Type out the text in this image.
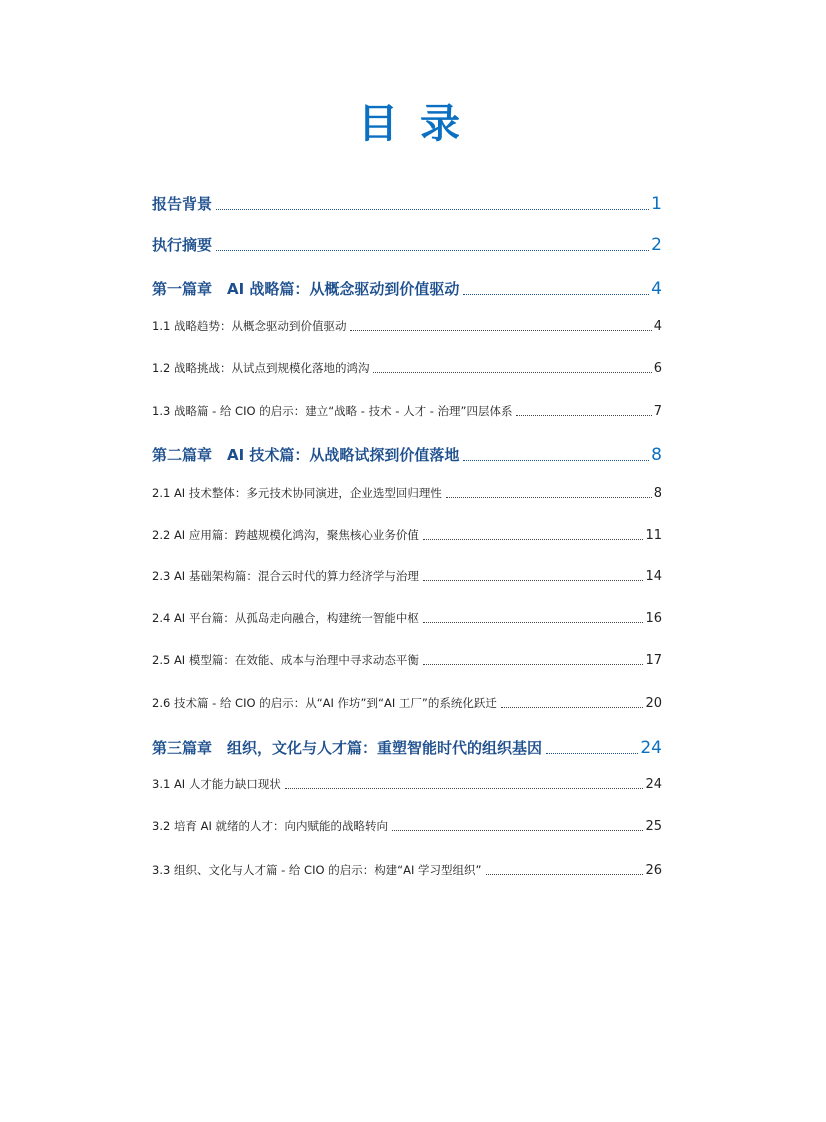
目录
报告背景	1
执行摘要	2
第一篇章　AI 战略篇：从概念驱动到价值驱动	4
1.1 战略趋势：从概念驱动到价值驱动	4
1.2 战略挑战：从试点到规模化落地的鸿沟	6
1.3 战略篇 - 给 CIO 的启示：建立“战略 - 技术 - 人才 - 治理”四层体系	7
第二篇章　AI 技术篇：从战略试探到价值落地	8
2.1 AI 技术整体：多元技术协同演进，企业选型回归理性	8
2.2 AI 应用篇：跨越规模化鸿沟，聚焦核心业务价值	11
2.3 AI 基础架构篇：混合云时代的算力经济学与治理	14
2.4 AI 平台篇：从孤岛走向融合，构建统一智能中枢	16
2.5 AI 模型篇：在效能、成本与治理中寻求动态平衡	17
2.6 技术篇 - 给 CIO 的启示：从“AI 作坊”到“AI 工厂”的系统化跃迁	20
第三篇章　组织，文化与人才篇：重塑智能时代的组织基因	24
3.1 AI 人才能力缺口现状	24
3.2 培育 AI 就绪的人才：向内赋能的战略转向	25
3.3 组织、文化与人才篇 - 给 CIO 的启示：构建“AI 学习型组织”	26
